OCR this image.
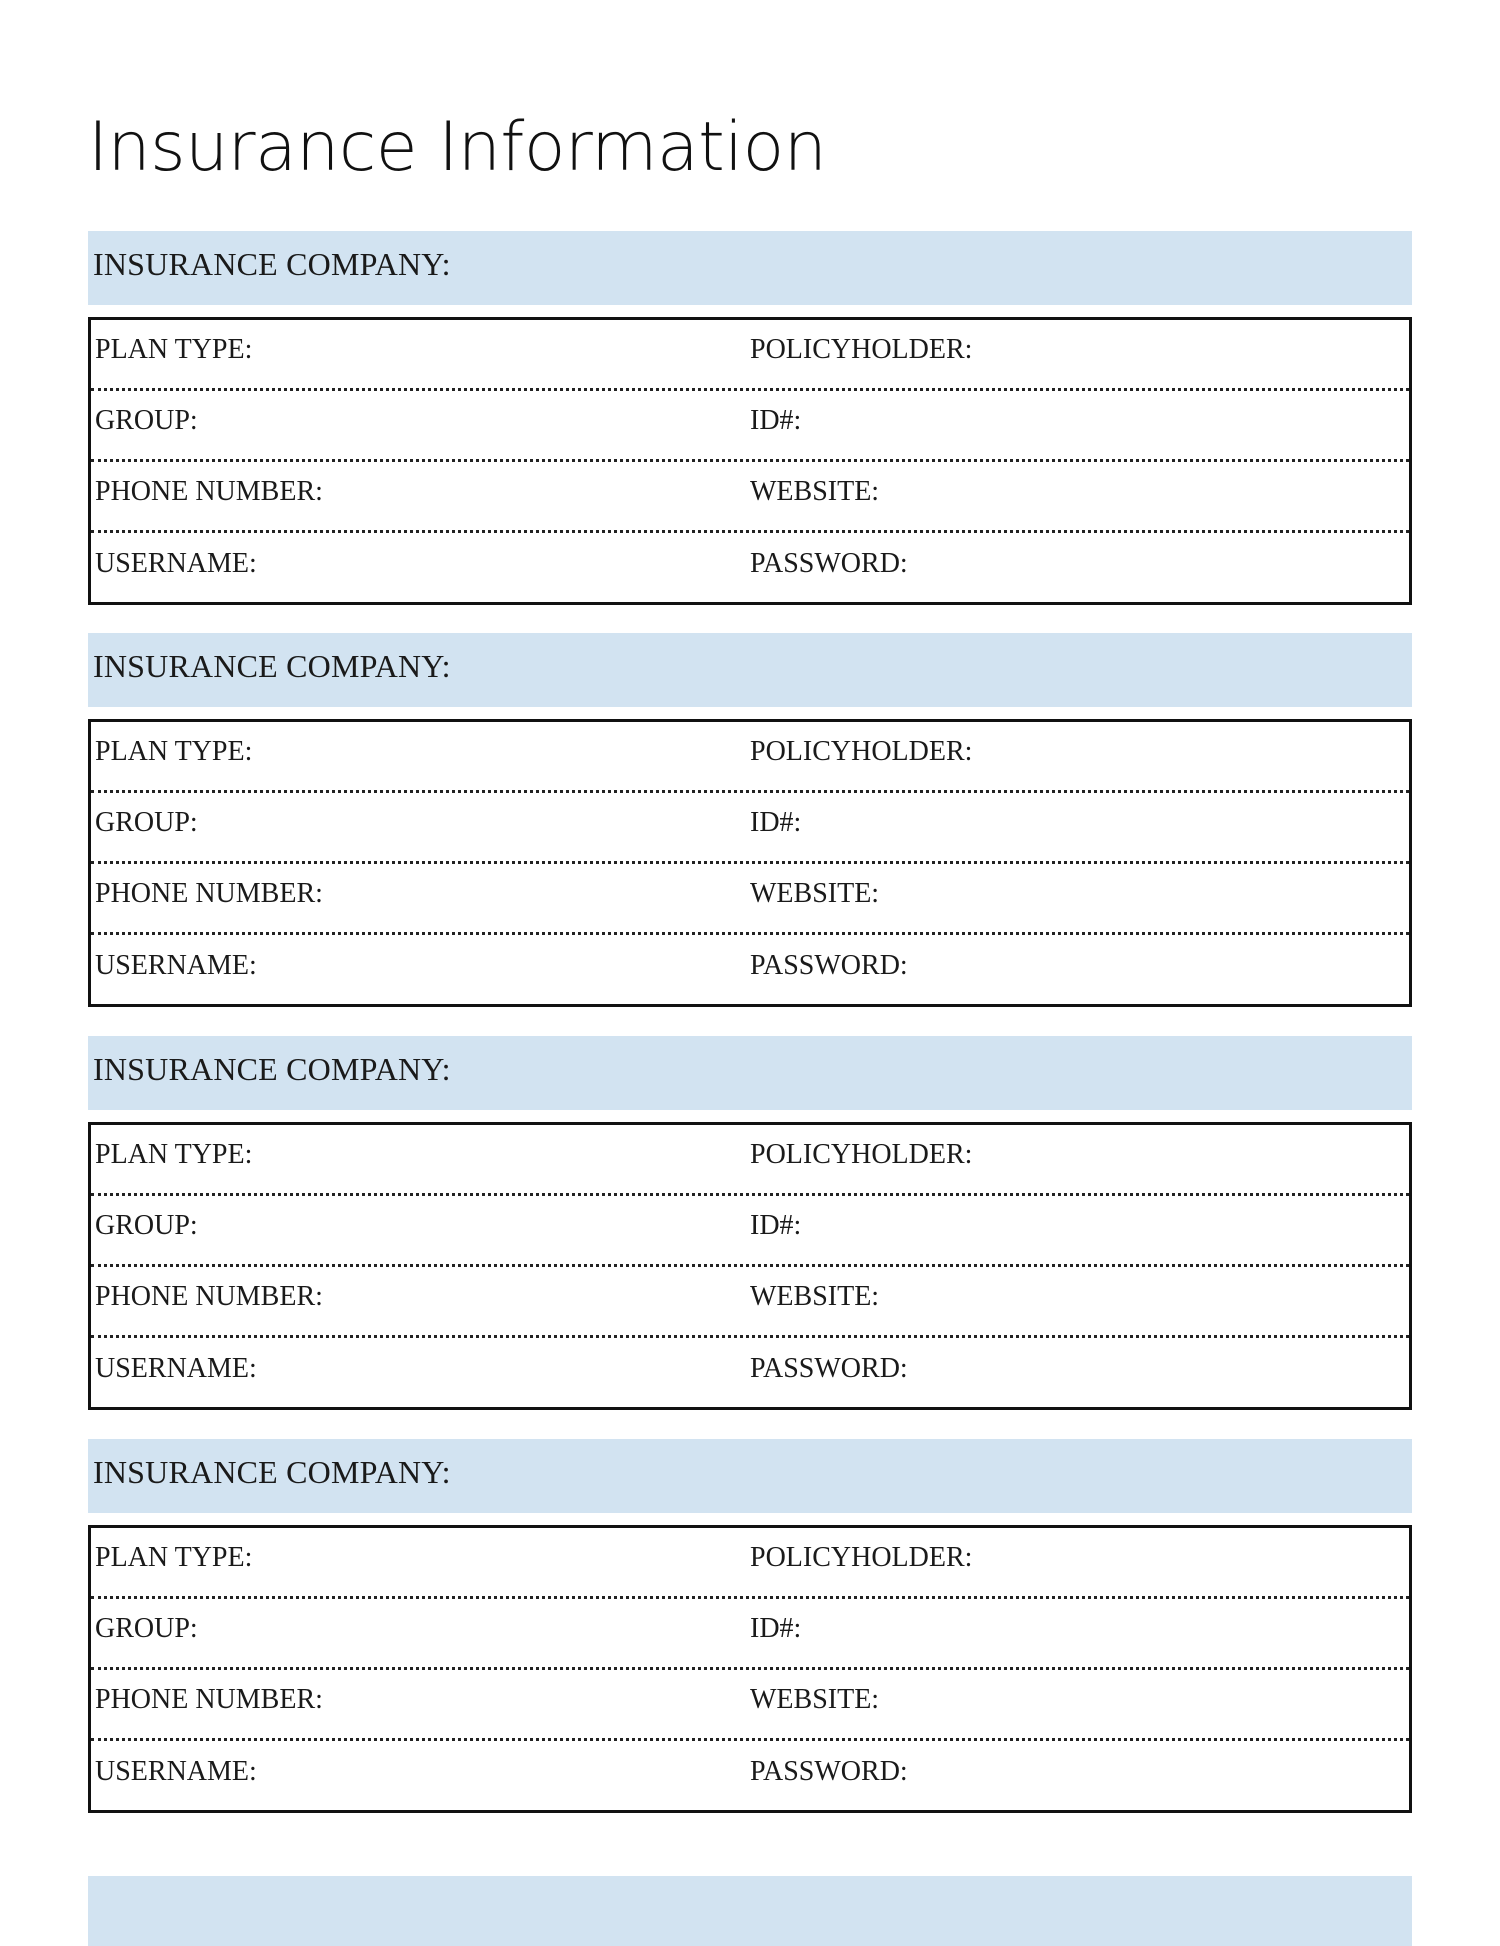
Insurance Information
INSURANCE COMPANY:
PLAN TYPE:	POLICYHOLDER:
GROUP:	ID#:
PHONE NUMBER:	WEBSITE:
USERNAME:	PASSWORD:
INSURANCE COMPANY:
PLAN TYPE:	POLICYHOLDER:
GROUP:	ID#:
PHONE NUMBER:	WEBSITE:
USERNAME:	PASSWORD:
INSURANCE COMPANY:
PLAN TYPE:	POLICYHOLDER:
GROUP:	ID#:
PHONE NUMBER:	WEBSITE:
USERNAME:	PASSWORD:
INSURANCE COMPANY:
PLAN TYPE:	POLICYHOLDER:
GROUP:	ID#:
PHONE NUMBER:	WEBSITE:
USERNAME:	PASSWORD:
